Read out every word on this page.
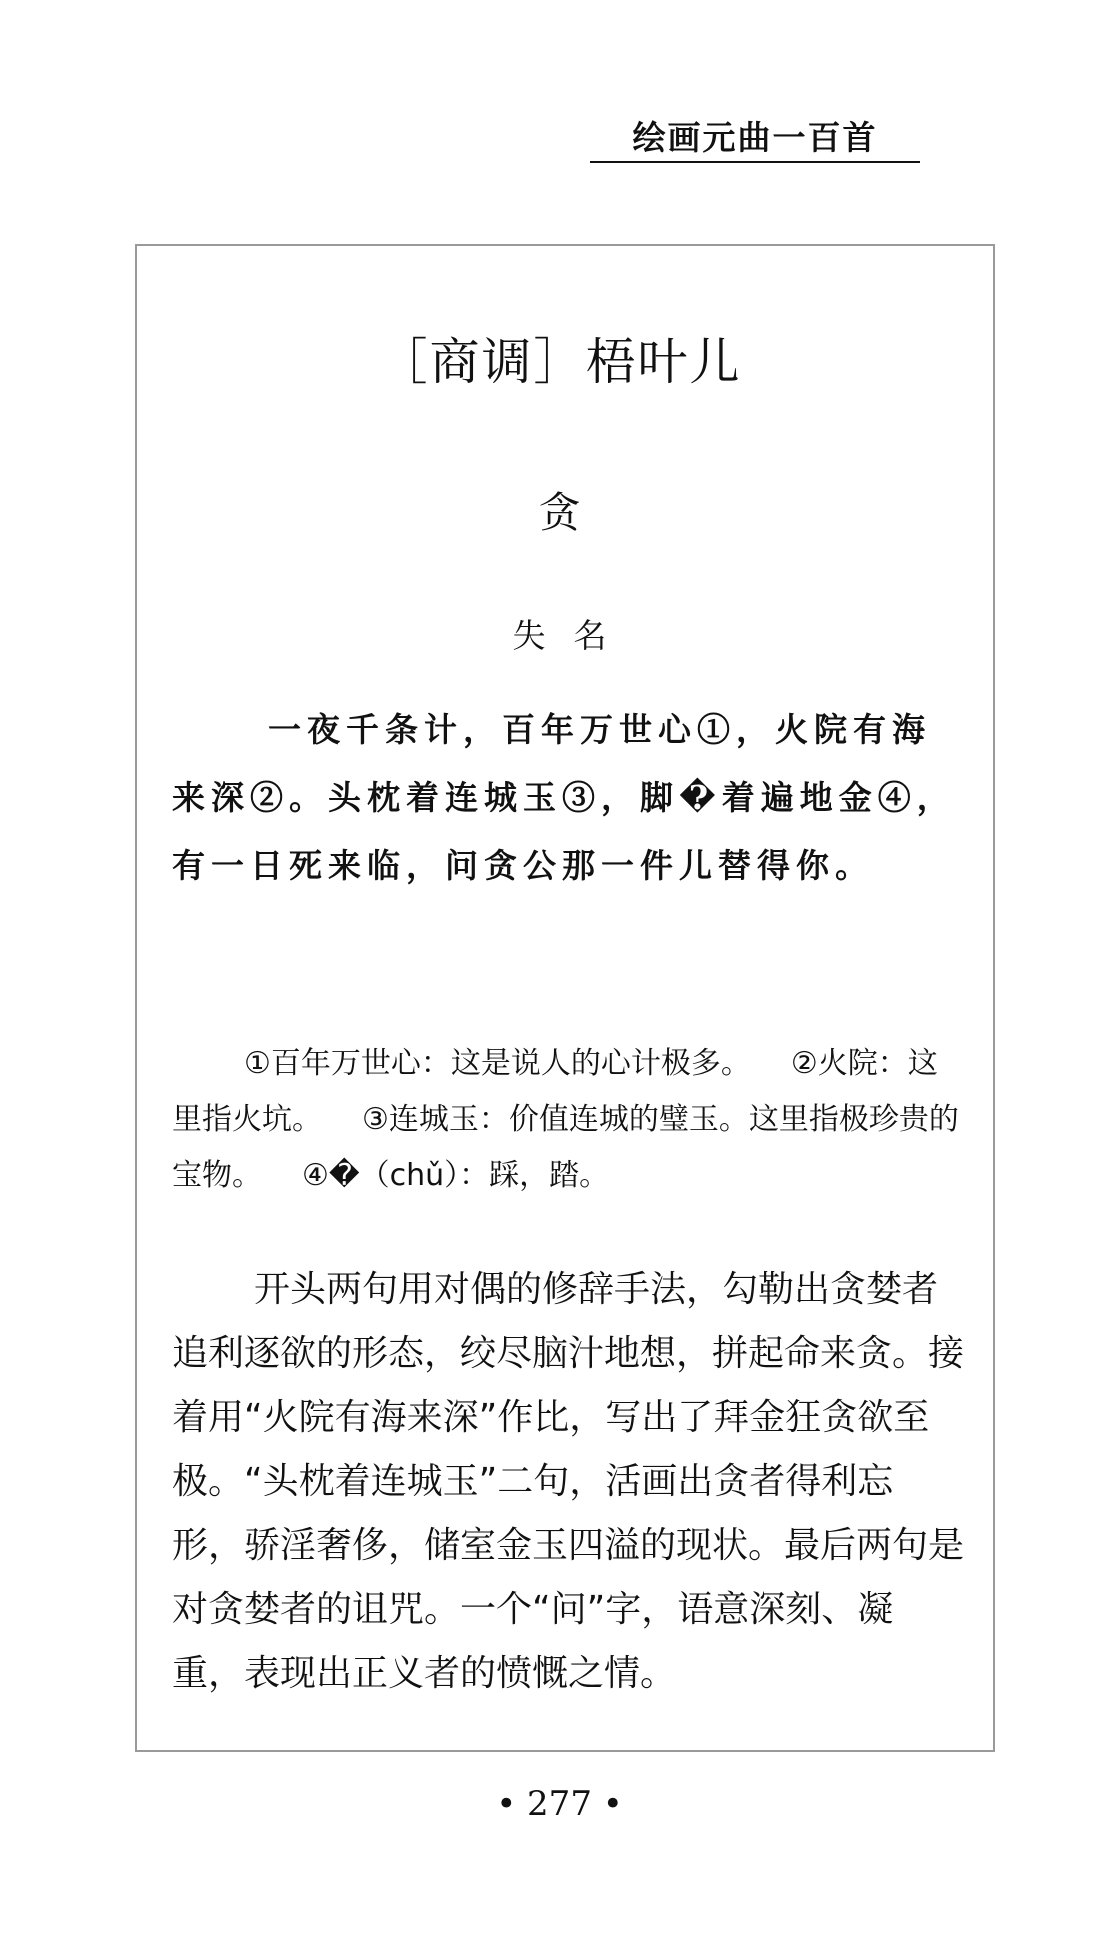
绘画元曲一百首
［商调］梧叶儿
贪
失名

一夜千条计，百年万世心①，火院有海来深②。头枕着连城玉③，脚�着遍地金④，有一日死来临，问贪公那一件儿替得你。

①百年万世心：这是说人的心计极多。 ②火院：这里指火坑。 ③连城玉：价值连城的璧玉。这里指极珍贵的宝物。 ④�（chǔ）：踩，踏。

开头两句用对偶的修辞手法，勾勒出贪婪者追利逐欲的形态，绞尽脑汁地想，拼起命来贪。接着用“火院有海来深”作比，写出了拜金狂贪欲至极。“头枕着连城玉”二句，活画出贪者得利忘形，骄淫奢侈，储室金玉四溢的现状。最后两句是对贪婪者的诅咒。一个“问”字，语意深刻、凝重，表现出正义者的愤慨之情。

• 277 •
